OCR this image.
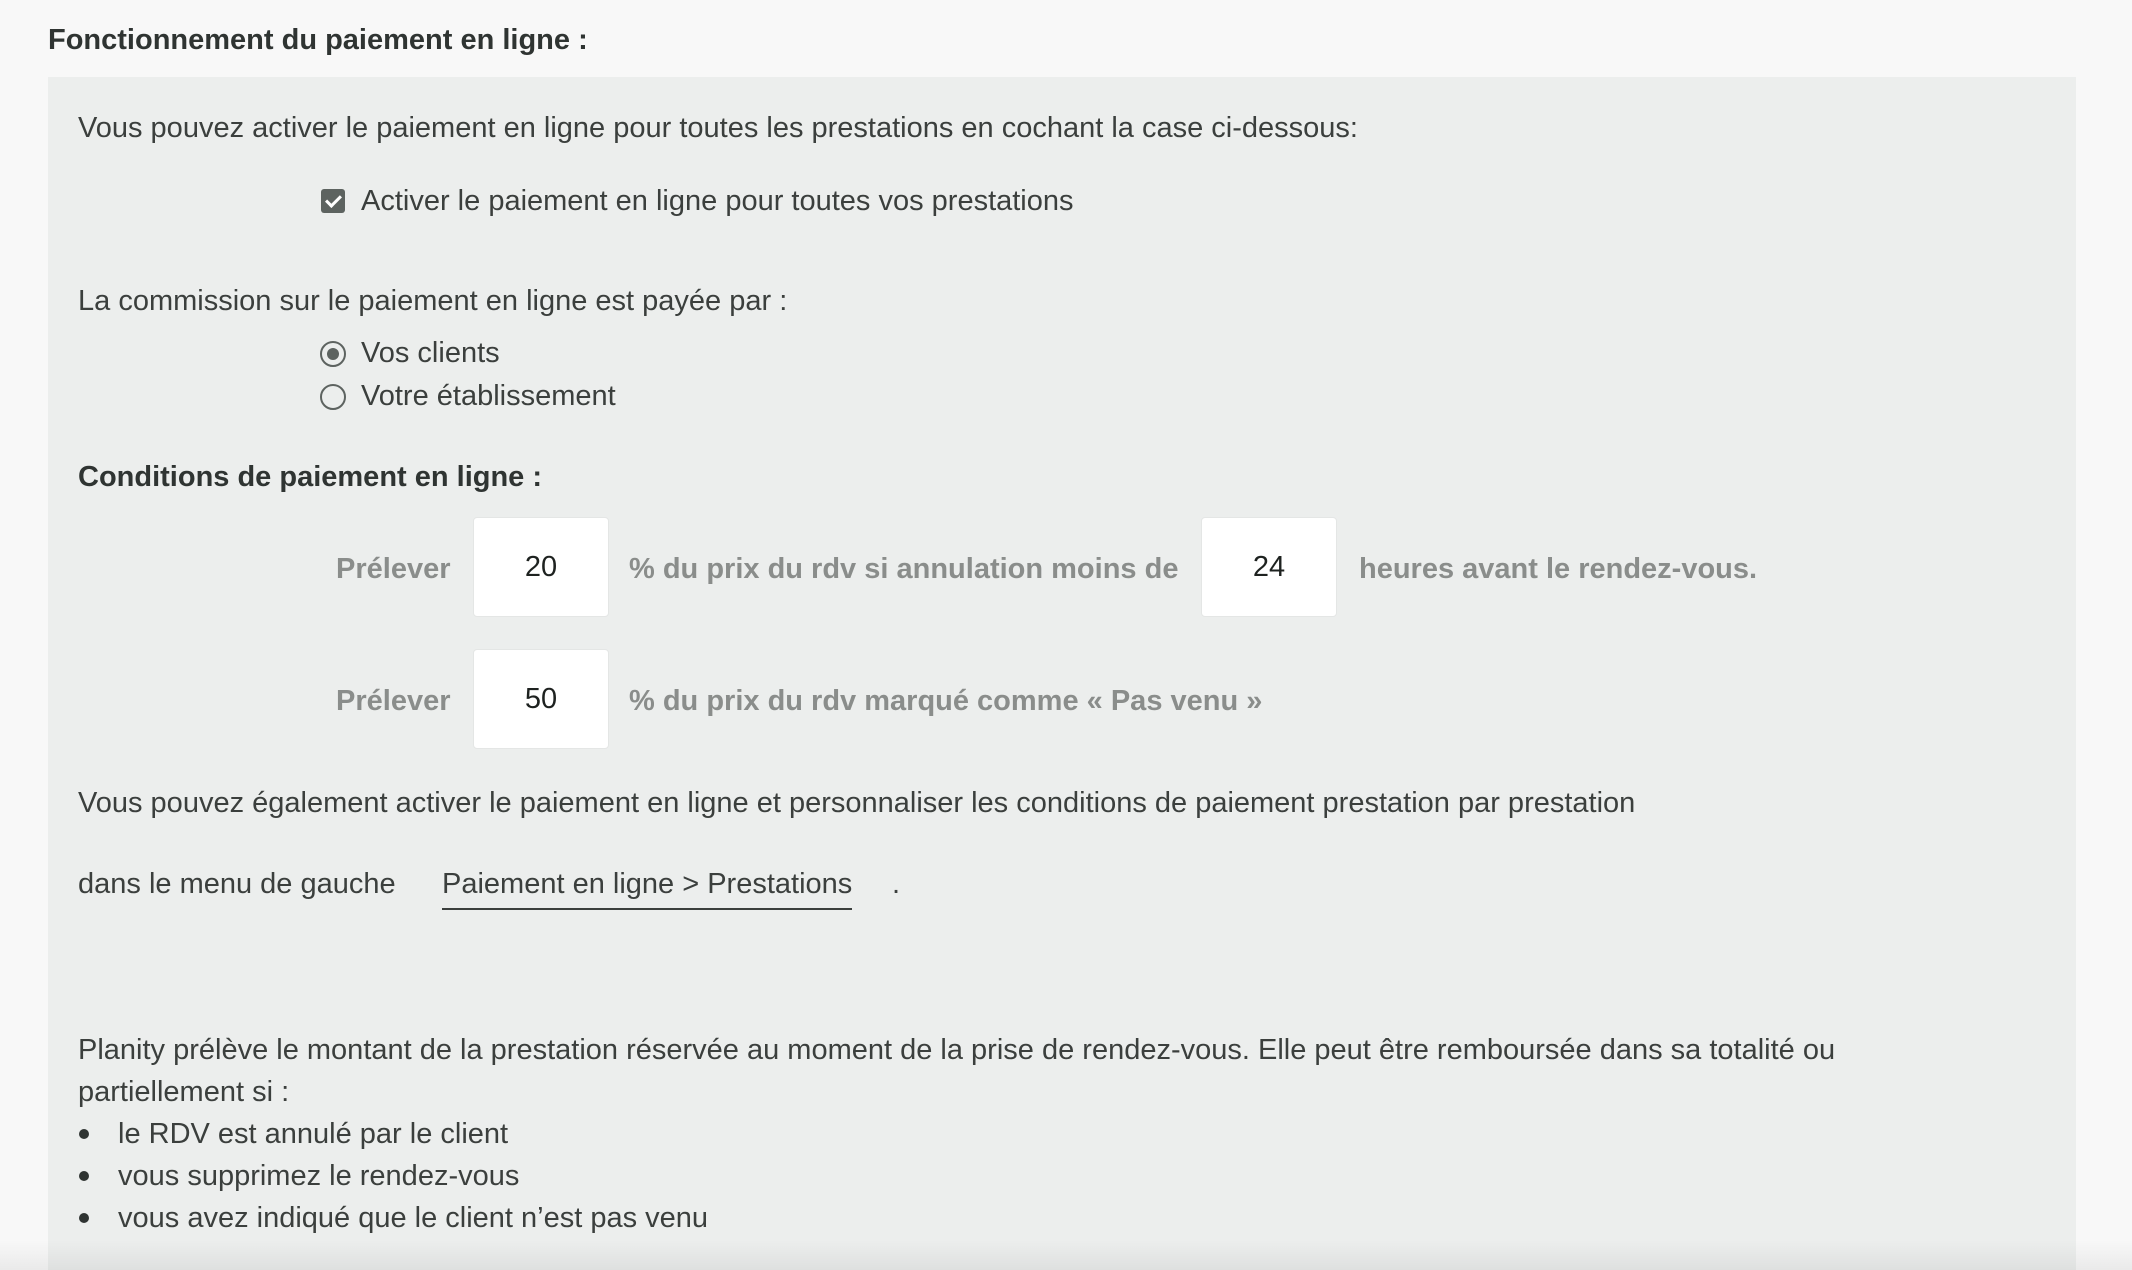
Fonctionnement du paiement en ligne :
Vous pouvez activer le paiement en ligne pour toutes les prestations en cochant la case ci-dessous:
Activer le paiement en ligne pour toutes vos prestations
La commission sur le paiement en ligne est payée par :
Vos clients
Votre établissement
Conditions de paiement en ligne :
Prélever
20	% du prix du rdv si annulation moins de
24	heures avant le rendez-vous.
Prélever
50	% du prix du rdv marqué comme « Pas venu »
Vous pouvez également activer le paiement en ligne et personnaliser les conditions de paiement prestation par prestation
dans le menu de gauche Paiement en ligne > Prestations .
Planity prélève le montant de la prestation réservée au moment de la prise de rendez-vous. Elle peut être remboursée dans sa totalité ou
partiellement si :
le RDV est annulé par le client
vous supprimez le rendez-vous
vous avez indiqué que le client n’est pas venu
